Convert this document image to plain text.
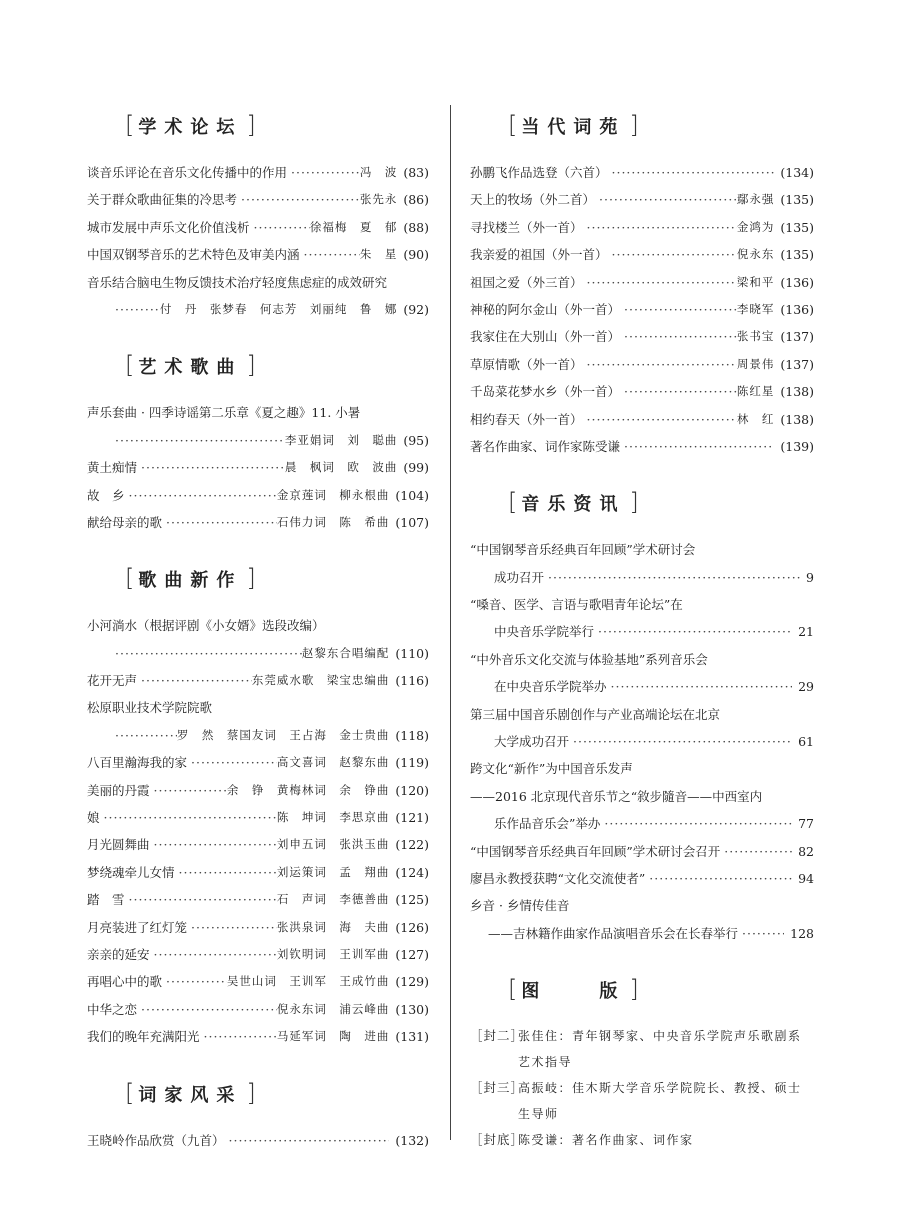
[ 学术论坛 ]
谈音乐评论在音乐文化传播中的作用 ·····	冯　波 (83)
关于群众歌曲征集的冷思考 ·····	张先永 (86)
城市发展中声乐文化价值浅析 ·····	徐福梅　夏　郁 (88)
中国双钢琴音乐的艺术特色及审美内涵 ·····	朱　星 (90)
音乐结合脑电生物反馈技术治疗轻度焦虑症的成效研究
·····
付　丹　张梦春　何志芳　刘丽纯　鲁　娜 (92)
[ 艺术歌曲 ]
声乐套曲 · 四季诗谣第二乐章《夏之趣》11. 小暑
·····
李亚娟词　刘　聪曲 (95)
黄土痴情 ·····	晨　枫词　欧　波曲 (99)
故　乡 ·····	金京莲词　柳永根曲 (104)
献给母亲的歌 ·····	石伟力词　陈　希曲 (107)
[ 歌曲新作 ]
小河淌水（根据评剧《小女婿》选段改编）
·····
赵黎东合唱编配 (110)
花开无声 ·····	东莞威水歌　梁宝忠编曲 (116)
松原职业技术学院院歌
·····
罗　然　蔡国友词　王占海　金士贵曲 (118)
八百里瀚海我的家 ·····	高文喜词　赵黎东曲 (119)
美丽的丹霞 ·····	余　铮　黄梅林词　余　铮曲 (120)
娘 ·····	陈　坤词　李思京曲 (121)
月光圆舞曲 ·····	刘申五词　张洪玉曲 (122)
梦绕魂牵儿女情 ·····	刘运策词　孟　翔曲 (124)
踏　雪 ·····	石　声词　李德善曲 (125)
月亮装进了红灯笼 ·····	张洪泉词　海　夫曲 (126)
亲亲的延安 ·····	刘钦明词　王训军曲 (127)
再唱心中的歌 ·····	吴世山词　王训军　王成竹曲 (129)
中华之恋 ·····	倪永东词　浦云峰曲 (130)
我们的晚年充满阳光 ·····	马延军词　陶　进曲 (131)
[ 词家风采 ]
王晓岭作品欣赏（九首） ·····	(132)
[ 当代词苑 ]
孙鹏飞作品选登（六首） ·····	(134)
天上的牧场（外二首） ·····	鄢永强 (135)
寻找楼兰（外一首） ·····	金鸿为 (135)
我亲爱的祖国（外一首） ·····	倪永东 (135)
祖国之爱（外三首） ·····	梁和平 (136)
神秘的阿尔金山（外一首） ·····	李晓军 (136)
我家住在大别山（外一首） ·····	张书宝 (137)
草原情歌（外一首） ·····	周景伟 (137)
千岛菜花梦水乡（外一首） ·····	陈红星 (138)
相约春天（外一首） ·····	林　红 (138)
著名作曲家、词作家陈受谦 ·····	(139)
[ 音乐资讯 ]
“中国钢琴音乐经典百年回顾”学术研讨会
成功召开 ·····	9
“嗓音、医学、言语与歌唱青年论坛”在
中央音乐学院举行 ·····	21
“中外音乐文化交流与体验基地”系列音乐会
在中央音乐学院举办 ·····	29
第三届中国音乐剧创作与产业高端论坛在北京
大学成功召开 ·····	61
跨文化“新作”为中国音乐发声
——2016 北京现代音乐节之“敘步隨音——中西室内
乐作品音乐会”举办 ·····	77
“中国钢琴音乐经典百年回顾”学术研讨会召开 ·····	82
廖昌永教授获聘“文化交流使者” ·····	94
乡音 · 乡情传佳音
——吉林籍作曲家作品演唱音乐会在长春举行 ·····	128
[ 图　　版 ]
［封二］
张佳住：青年钢琴家、中央音乐学院声乐歌剧系艺术指导
［封三］
高振岐：佳木斯大学音乐学院院长、教授、硕士生导师
［封底］
陈受谦：著名作曲家、词作家
